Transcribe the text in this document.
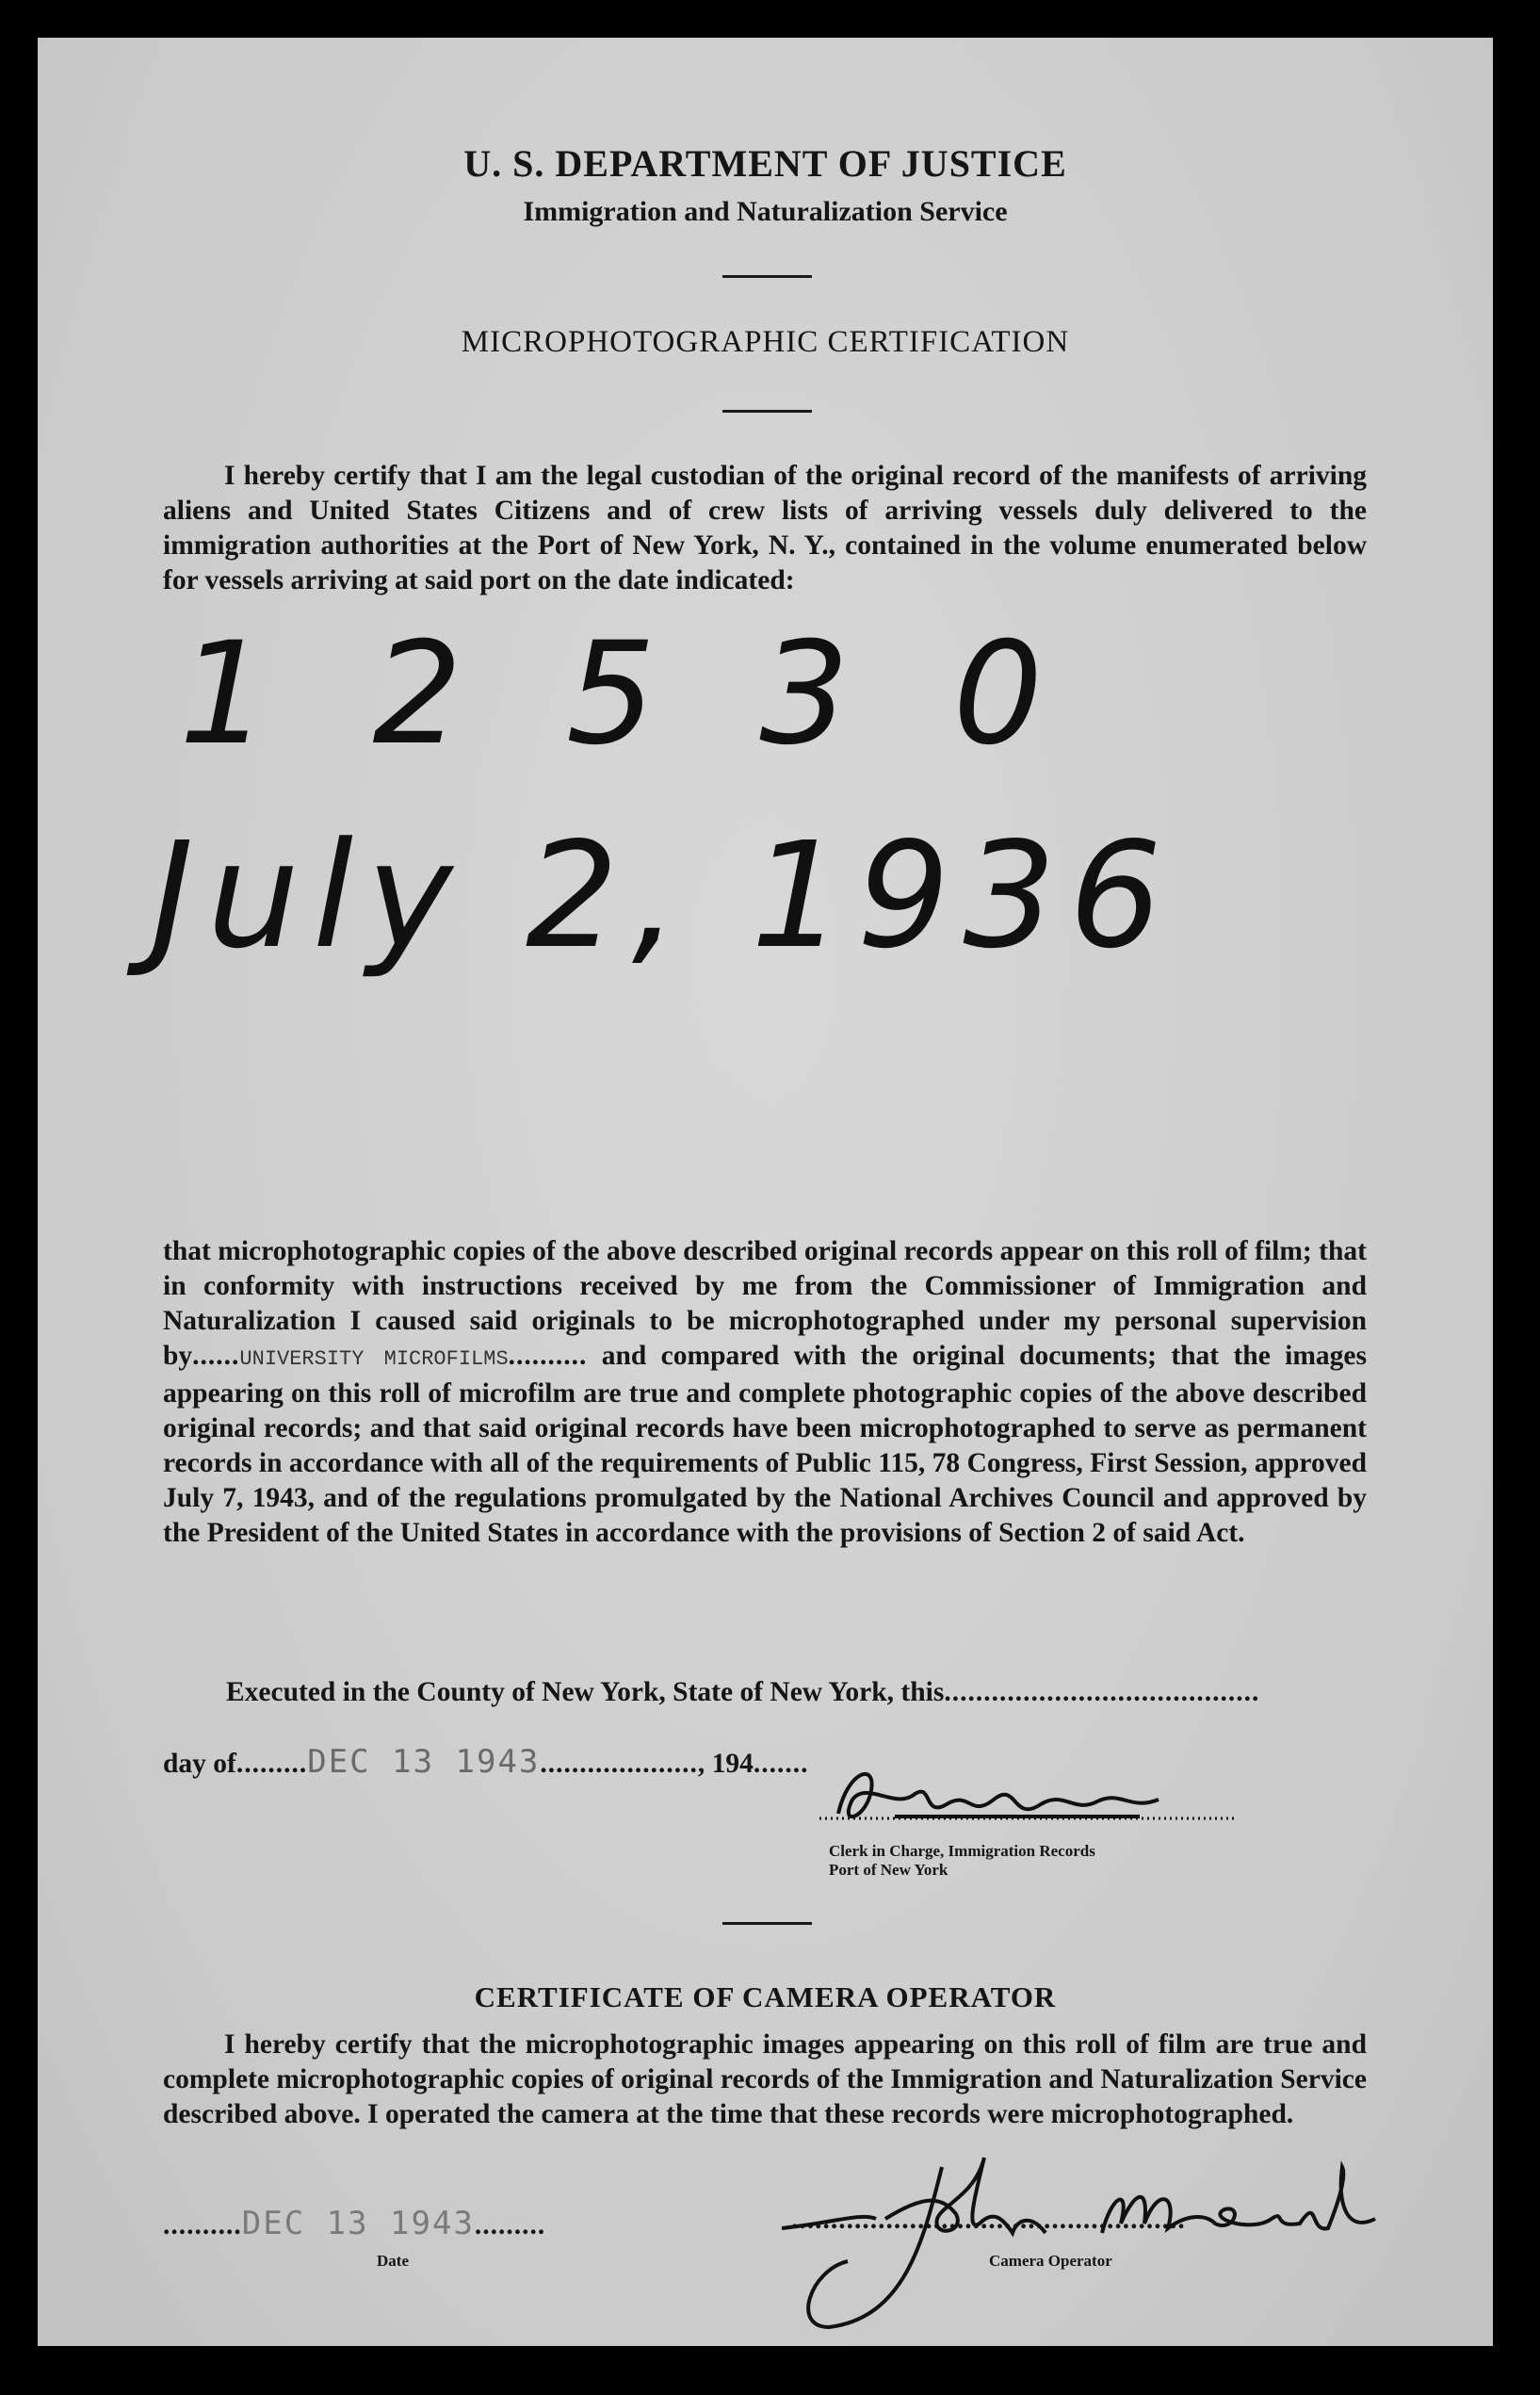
U. S. DEPARTMENT OF JUSTICE
Immigration and Naturalization Service
MICROPHOTOGRAPHIC CERTIFICATION

I hereby certify that I am the legal custodian of the original record of the manifests of arriving aliens and United States Citizens and of crew lists of arriving vessels duly delivered to the immigration authorities at the Port of New York, N. Y., contained in the volume enumerated below for vessels arriving at said port on the date indicated:

12530
July 2, 1936

that microphotographic copies of the above described original records appear on this roll of film; that in conformity with instructions received by me from the Commissioner of Immigration and Naturalization I caused said originals to be microphotographed under my personal supervision by......UNIVERSITY MICROFILMS.......... and compared with the original documents; that the images appearing on this roll of microfilm are true and complete photographic copies of the above described original records; and that said original records have been microphotographed to serve as permanent records in accordance with all of the requirements of Public 115, 78 Congress, First Session, approved July 7, 1943, and of the regulations promulgated by the National Archives Council and approved by the President of the United States in accordance with the provisions of Section 2 of said Act.

Executed in the County of New York, State of New York, this........................................
day of.........DEC 13 1943...................., 194.......
Clerk in Charge, Immigration Records
Port of New York
CERTIFICATE OF CAMERA OPERATOR

I hereby certify that the microphotographic images appearing on this roll of film are true and complete microphotographic copies of original records of the Immigration and Naturalization Service described above. I operated the camera at the time that these records were microphotographed.

..........DEC 13 1943.........
Date
..................................................
Camera Operator
